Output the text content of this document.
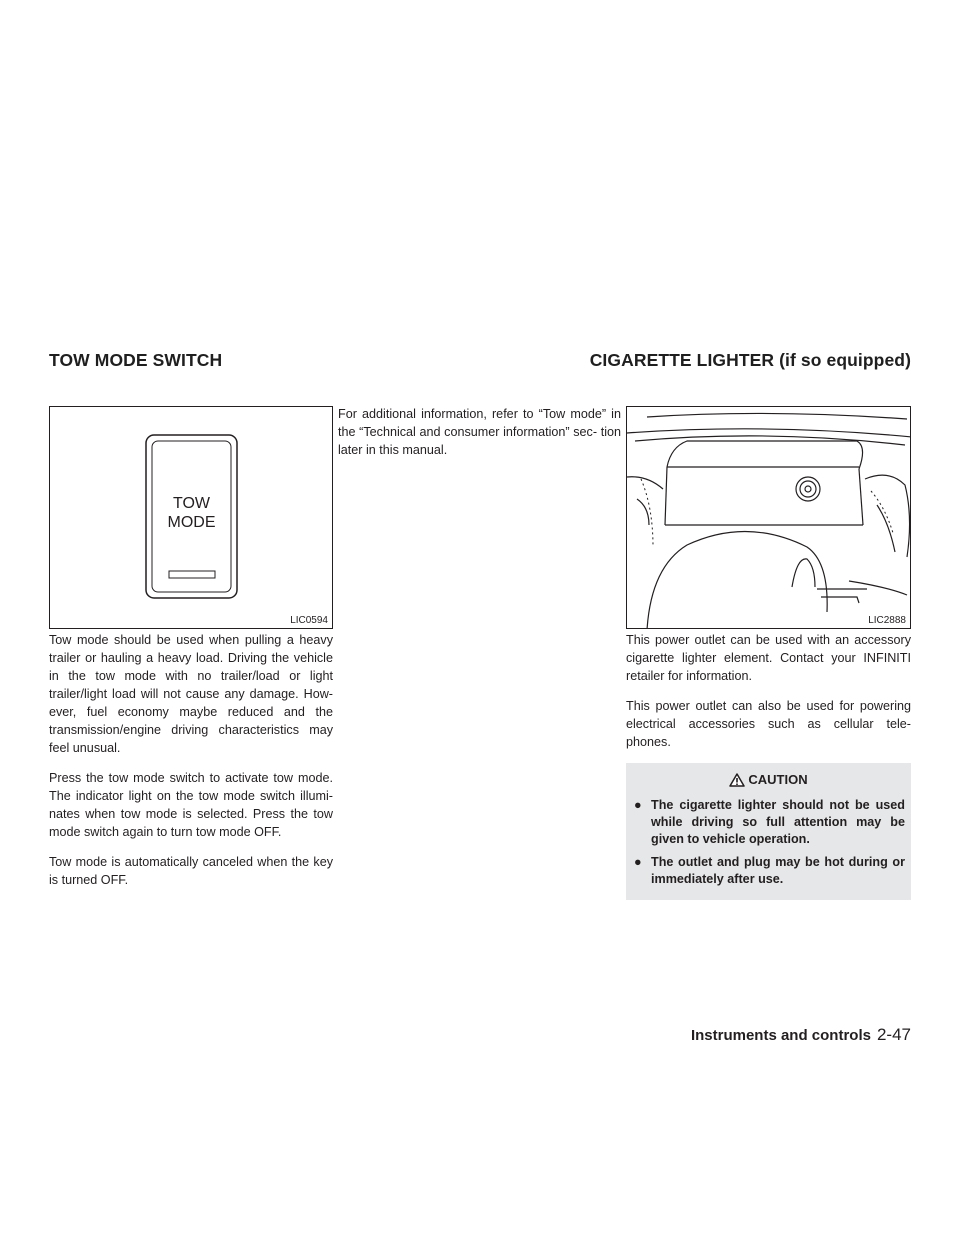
TOW MODE SWITCH	CIGARETTE LIGHTER (if so equipped)
TOW
MODE
LIC0594	LIC2888

Tow mode should be used when pulling a heavy trailer or hauling a heavy load. Driving the vehicle in the tow mode with no trailer/load or light trailer/light load will not cause any damage. How- ever, fuel economy maybe reduced and the transmission/engine driving characteristics may feel unusual.

Press the tow mode switch to activate tow mode. The indicator light on the tow mode switch illumi- nates when tow mode is selected. Press the tow mode switch again to turn tow mode OFF.

Tow mode is automatically canceled when the key is turned OFF.

For additional information, refer to “Tow mode” in the “Technical and consumer information” sec- tion later in this manual.

This power outlet can be used with an accessory cigarette lighter element. Contact your INFINITI retailer for information.

This power outlet can also be used for powering electrical accessories such as cellular tele- phones.

CAUTION
● The cigarette lighter should not be used while driving so full attention may be given to vehicle operation.
● The outlet and plug may be hot during or immediately after use.
Instruments and controls 2-47
